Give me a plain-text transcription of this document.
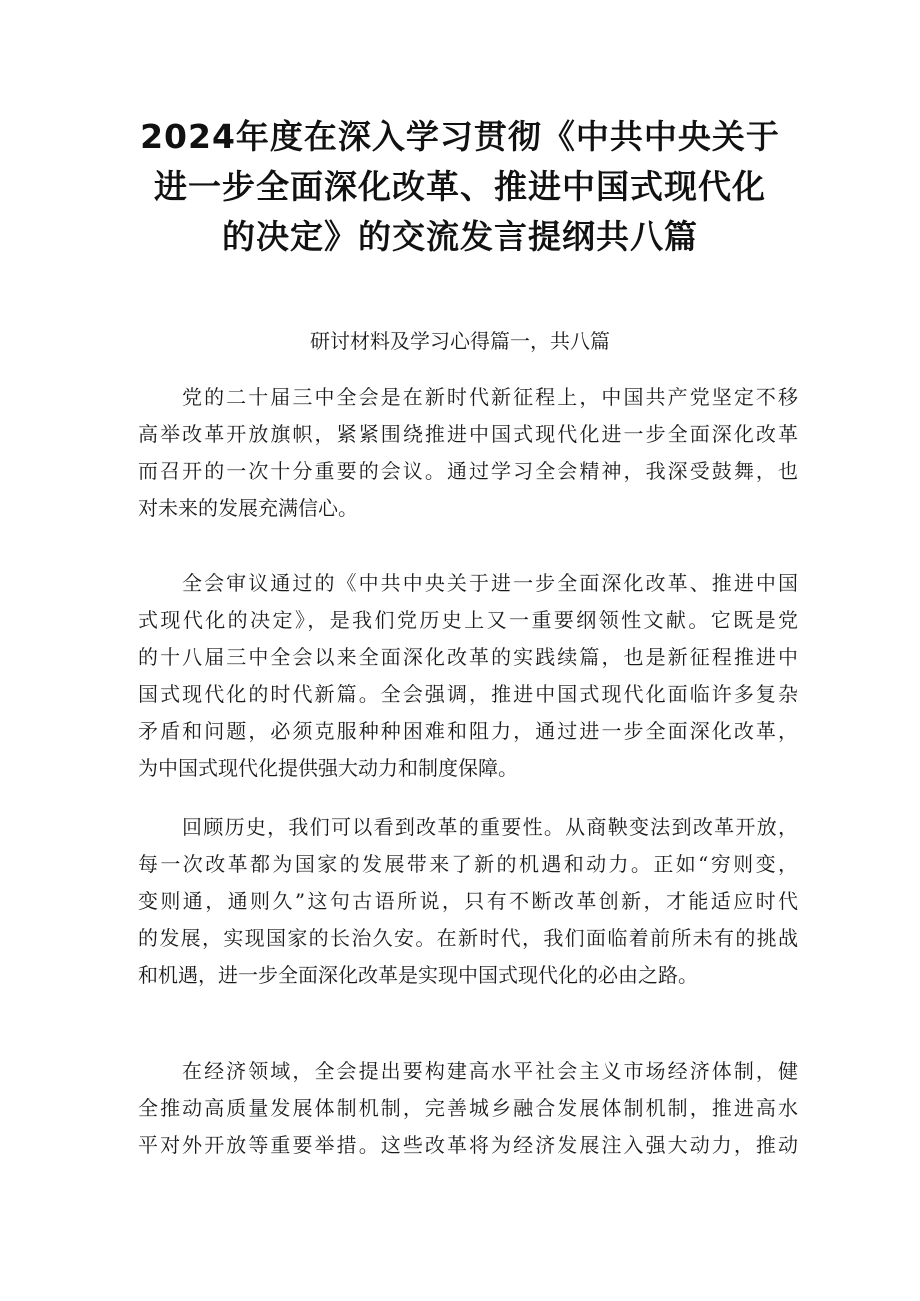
2024年度在深入学习贯彻《中共中央关于
进一步全面深化改革、推进中国式现代化
的决定》的交流发言提纲共八篇
研讨材料及学习心得篇一，共八篇
党的二十届三中全会是在新时代新征程上，中国共产党坚定不移
高举改革开放旗帜，紧紧围绕推进中国式现代化进一步全面深化改革
而召开的一次十分重要的会议。通过学习全会精神，我深受鼓舞，也
对未来的发展充满信心。
全会审议通过的《中共中央关于进一步全面深化改革、推进中国
式现代化的决定》，是我们党历史上又一重要纲领性文献。它既是党
的十八届三中全会以来全面深化改革的实践续篇，也是新征程推进中
国式现代化的时代新篇。全会强调，推进中国式现代化面临许多复杂
矛盾和问题，必须克服种种困难和阻力，通过进一步全面深化改革，
为中国式现代化提供强大动力和制度保障。
回顾历史，我们可以看到改革的重要性。从商鞅变法到改革开放，
每一次改革都为国家的发展带来了新的机遇和动力。正如“穷则变，
变则通，通则久”这句古语所说，只有不断改革创新，才能适应时代
的发展，实现国家的长治久安。在新时代，我们面临着前所未有的挑战
和机遇，进一步全面深化改革是实现中国式现代化的必由之路。
在经济领域，全会提出要构建高水平社会主义市场经济体制，健
全推动高质量发展体制机制，完善城乡融合发展体制机制，推进高水
平对外开放等重要举措。这些改革将为经济发展注入强大动力，推动
